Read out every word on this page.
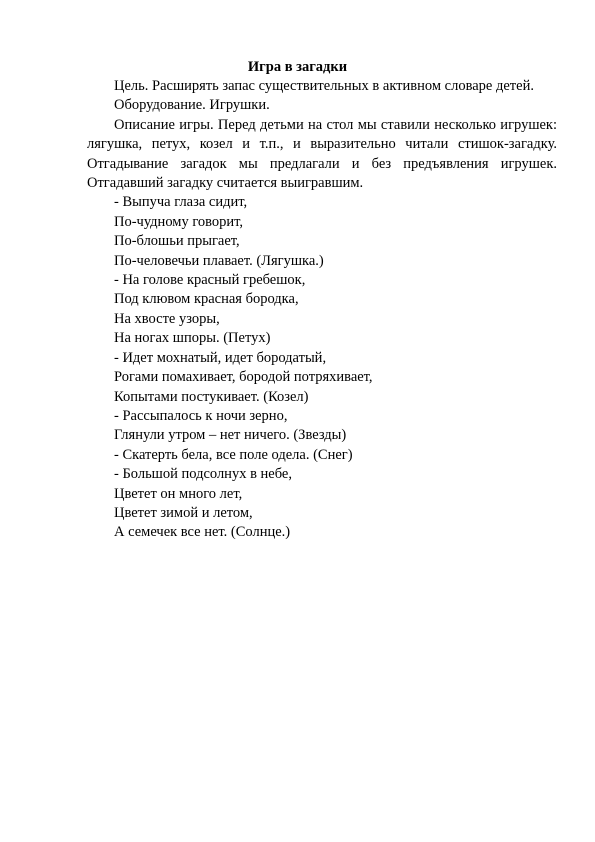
Игра в загадки

Цель. Расширять запас существительных в активном словаре детей.

Оборудование. Игрушки.

Описание игры. Перед детьми на стол мы ставили несколько игрушек: лягушка, петух, козел и т.п., и выразительно читали стишок-загадку. Отгадывание загадок мы предлагали и без предъявления игрушек. Отгадавший загадку считается выигравшим.

- Выпуча глаза сидит,

По-чудному говорит,

По-блошьи прыгает,

По-человечьи плавает. (Лягушка.)

- На голове красный гребешок,

Под клювом красная бородка,

На хвосте узоры,

На ногах шпоры. (Петух)

- Идет мохнатый, идет бородатый,

Рогами помахивает, бородой потряхивает,

Копытами постукивает. (Козел)

- Рассыпалось к ночи зерно,

Глянули утром – нет ничего. (Звезды)

- Скатерть бела, все поле одела. (Снег)

- Большой подсолнух в небе,

Цветет он много лет,

Цветет зимой и летом,

А семечек все нет. (Солнце.)
